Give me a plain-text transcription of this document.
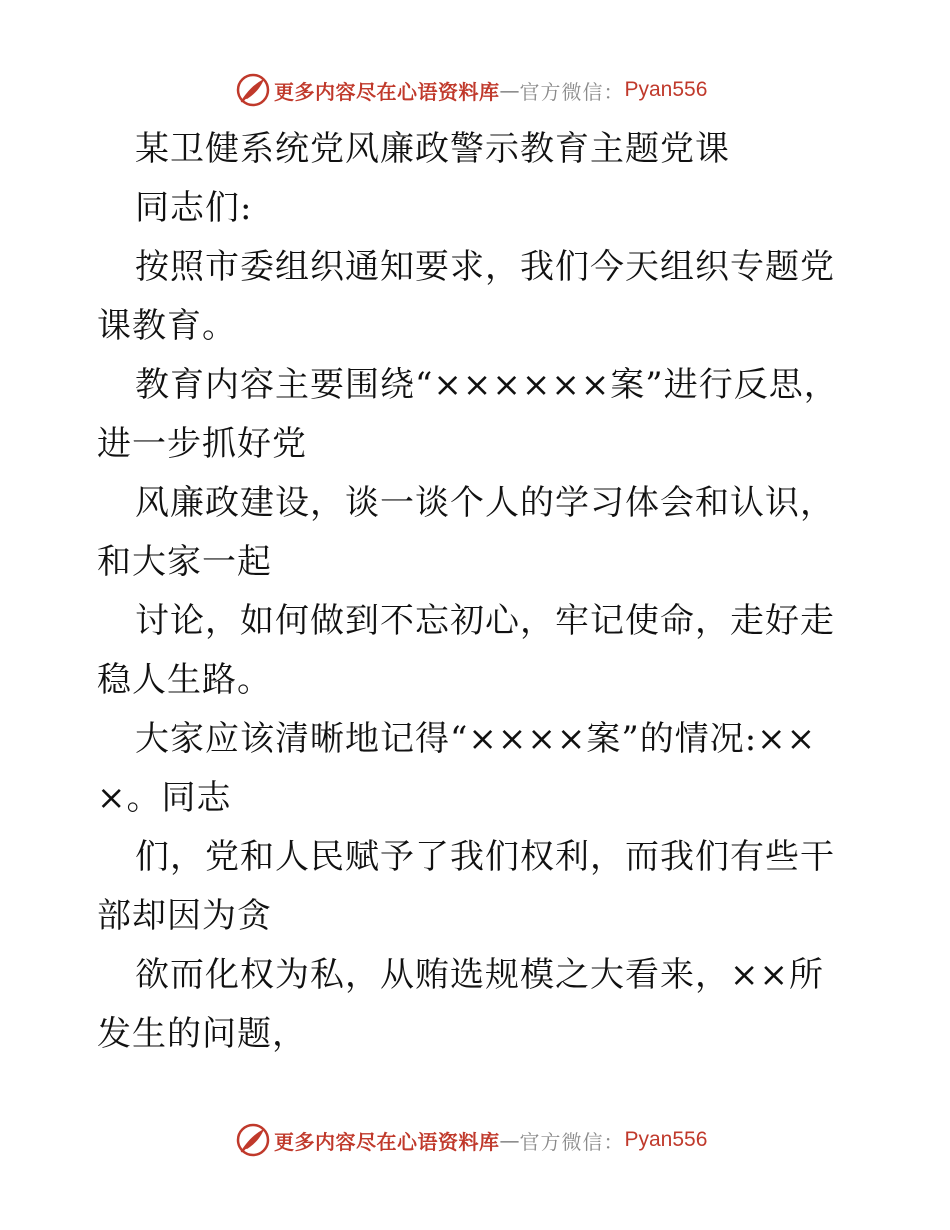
更多内容尽在心语资料库 — 官方微信： Pyan556

某卫健系统党风廉政警示教育主题党课

同志们:

按照市委组织通知要求，我们今天组织专题党课教育。

教育内容主要围绕“××××××案”进行反思，进一步抓好党

风廉政建设，谈一谈个人的学习体会和认识，和大家一起

讨论，如何做到不忘初心，牢记使命，走好走稳人生路。

大家应该清晰地记得“××××案”的情况:×××。同志

们，党和人民赋予了我们权利，而我们有些干部却因为贪

欲而化权为私，从贿选规模之大看来，××所发生的问题，

更多内容尽在心语资料库 — 官方微信： Pyan556
